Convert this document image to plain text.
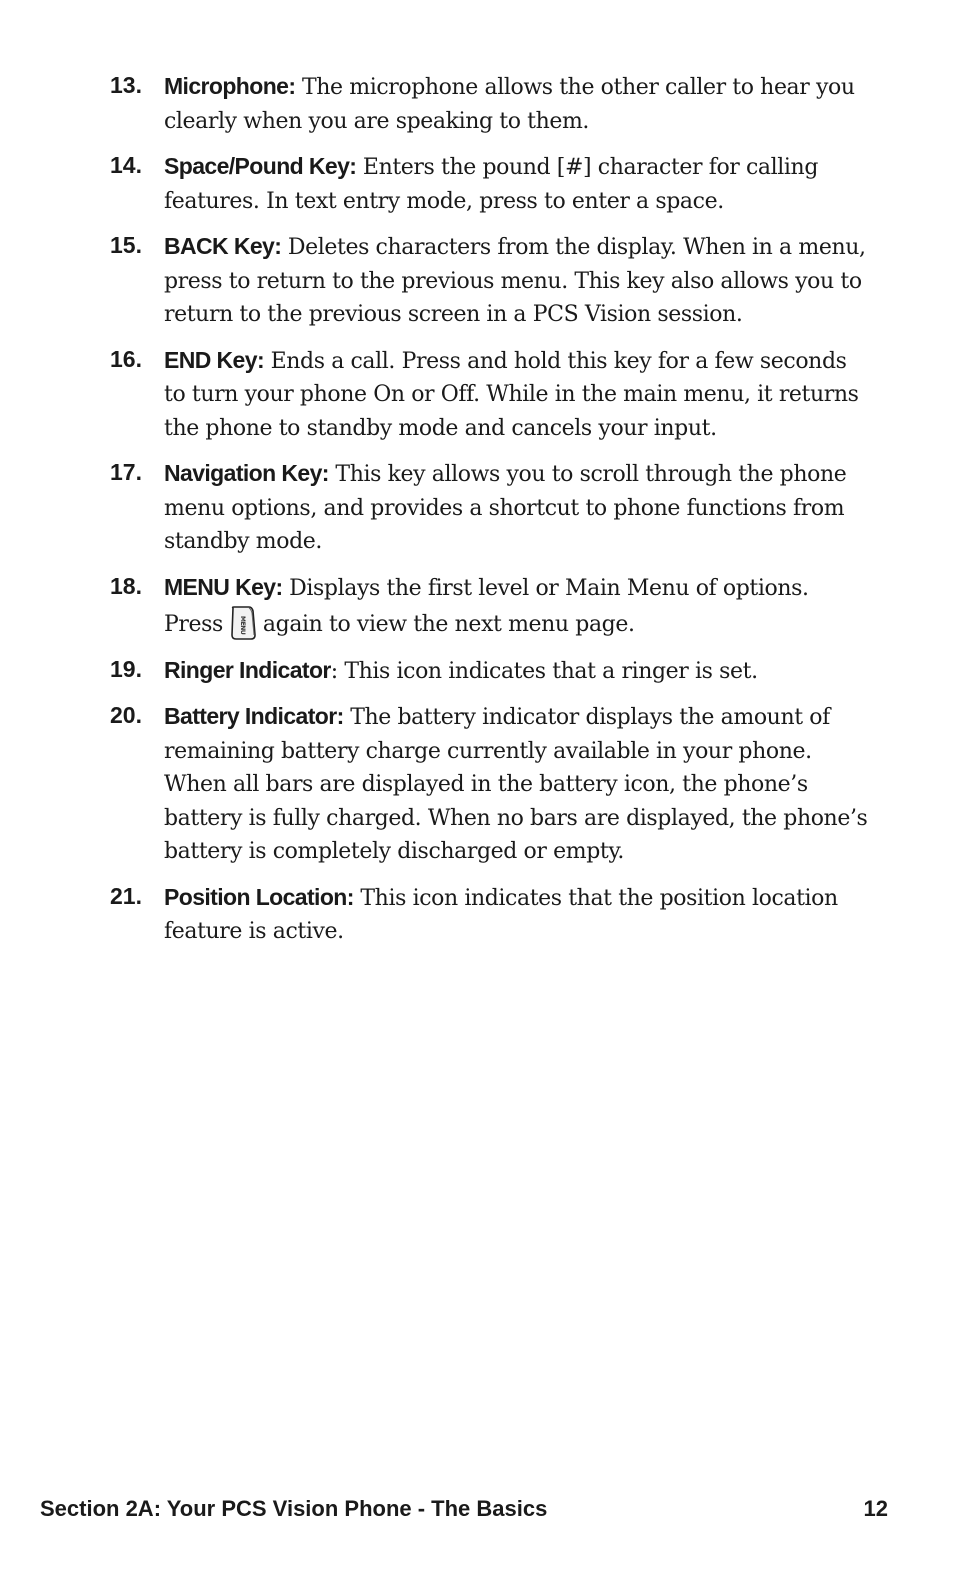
13. Microphone: The microphone allows the other caller to hear you clearly when you are speaking to them.
14. Space/Pound Key: Enters the pound [#] character for calling features. In text entry mode, press to enter a space.
15. BACK Key: Deletes characters from the display. When in a menu, press to return to the previous menu. This key also allows you to return to the previous screen in a PCS Vision session.
16. END Key: Ends a call. Press and hold this key for a few seconds to turn your phone On or Off. While in the main menu, it returns the phone to standby mode and cancels your input.
17. Navigation Key: This key allows you to scroll through the phone menu options, and provides a shortcut to phone functions from standby mode.
18. MENU Key: Displays the first level or Main Menu of options. Press	MENU again to view the next menu page.
19. Ringer Indicator: This icon indicates that a ringer is set.
20. Battery Indicator: The battery indicator displays the amount of remaining battery charge currently available in your phone. When all bars are displayed in the battery icon, the phone’s battery is fully charged. When no bars are displayed, the phone’s battery is completely discharged or empty.
21. Position Location: This icon indicates that the position location feature is active.
Section 2A: Your PCS Vision Phone - The Basics	12
